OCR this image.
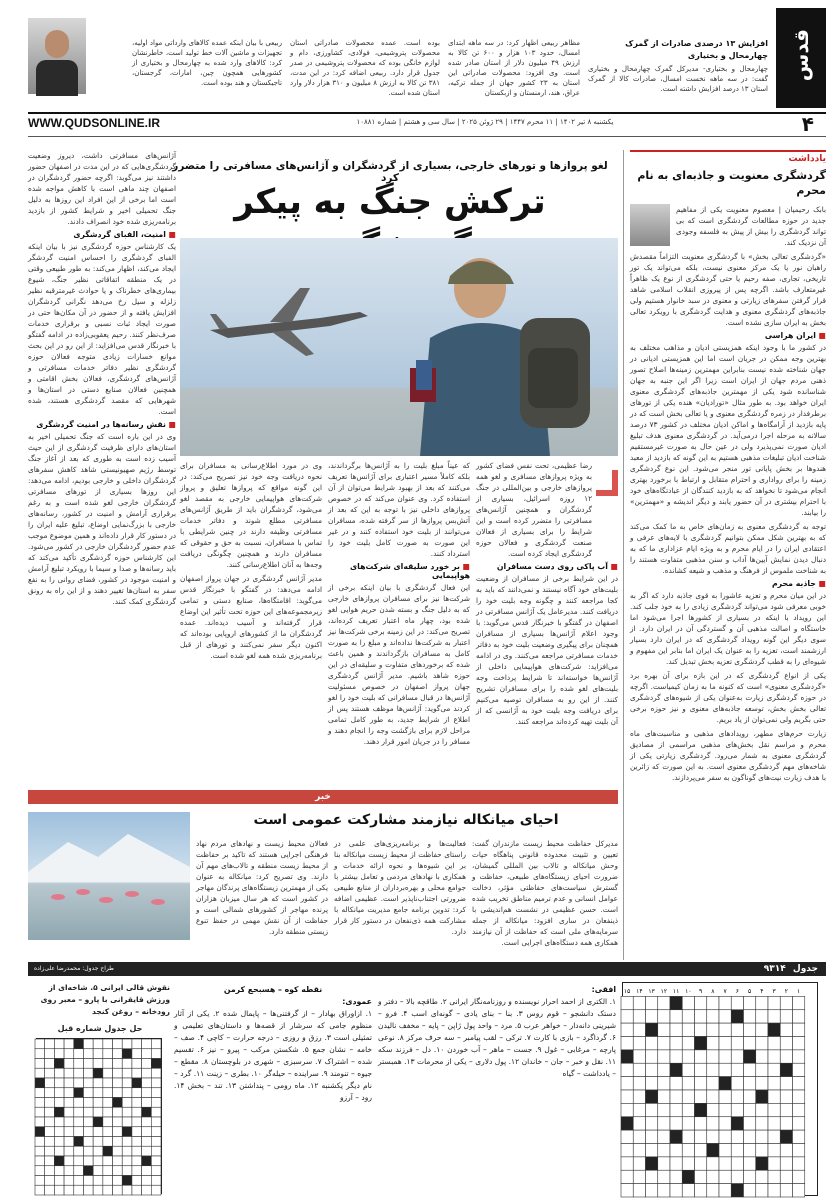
قدس
افزایش ۱۳ درصدی صادرات از گمرک چهارمحال و بختیاری
چهارمحال و بختیاری- مدیرکل گمرک چهارمحال و بختیاری گفت: در سه ماهه نخست امسال، صادرات کالا از گمرک استان ۱۳ درصد افزایش داشته است.
مظاهر ربیعی اظهار کرد: در سه ماهه ابتدای امسال، حدود ۱۰۳ هزار و ۶۰۰ تن کالا به ارزش ۴۹ میلیون دلار از استان صادر شده است. وی افزود: محصولات صادراتی این استان به ۲۳ کشور جهان از جمله ترکیه، عراق، هند، ارمنستان و ازبکستان
بوده است. عمده محصولات صادراتی استان محصولات پتروشیمی، فولادی، کشاورزی، دام و لوازم خانگی بوده که محصولات پتروشیمی در صدر جدول قرار دارد. ربیعی اضافه کرد: در این مدت، ۳۸۱ تن کالا به ارزش ۸ میلیون و ۳۱۰ هزار دلار وارد استان شده است.
ربیعی با بیان اینکه عمده کالاهای وارداتی مواد اولیه، تجهیزات و ماشین آلات خط تولید است، خاطرنشان کرد: کالاهای وارد شده به چهارمحال و بختیاری از کشورهایی همچون چین، امارات، گرجستان، تاجیکستان و هند بوده است.
۴
یکشنبه ۸ تیر ۱۴۰۲ | ۱۱ محرم ۱۴۴۷ | ۲۹ ژوئن ۲۰۲۵ | سال سی و هشتم | شماره ۱۰۸۸۱
WWW.QUDSONLINE.IR
یادداشت
گردشگری معنویت و جاذبه‌ای به نام محرم
بابک رحیمیان | معصوم معنویت یکی از مفاهیم جدید در حوزه مطالعات گردشگری است که بی تواند گردشگری را بیش از پیش به فلسفه وجودی آن نزدیک کند.
«گردشگری تعالی بخش» با گردشگری معنویت التزاماً مقصدش راهبان نور یا یک مرکز معنوی نیست، بلکه می‌تواند یک تور تاریخی، تجاری، صفه رحیم یا حتی گردشگری از نوع یک ظاهراً غیرمتعارف باشد. اگرچه پس از پیروزی انقلاب اسلامی شاهد قرار گرفتن سفرهای زیارتی و معنوی در سبد خانوار هستیم ولی جاذبه‌های گردشگری معنوی و هدایت گردشگری با رویکرد تعالی بخش به ایران سازی نشده است.
■ ایران هراسی
در کشور ما با وجود اینکه همزیستی ادیان و مذاهب مختلف به بهترین وجه ممکن در جریان است اما این همزیستی ادیانی در جهان شناخته شده نیست بنابراین مهمترین زمینه‌ها اصلاح تصور ذهنی مردم جهان از ایران است زیرا اگر این جنبه به جهان شناسانده شود یکی از مهمترین جاذبه‌های گردشگری معنوی ایران خواهد بود. به طور مثال «تورادیان» هنده یکی از تورهای برطرفدار در زمره گردشگری معنوی و یا تعالی بخش است که در پایه بازدید از آرامگاه‌ها و اماکن ادیان مختلف در کشور ۷۳ درصد سالانه به مرحله اجرا درمی‌آید. در گردشگری معنوی هدف تبلیغ ادیان صورت نمی‌پذیرد ولی در عین حال به صورت غیرمستقیم شناخت ادیان تبلیغات مذهبی هستیم به این گونه که بازدید از معبد هندوها بر بخش پایانی تور منجر می‌شود. این نوع گردشگری زمینه را برای رواداری و احترام متقابل و ارتباط با برخورد بهتری انجام می‌شود تا نخواهد که به بازدید کنندگان از عبادتگاه‌های خود با احترام بیشتری در آن حضور یابند و دیگر اندیشه و «مهمترین» را بیابند.
توجه به گردشگری معنوی به زمان‌های خاص به ما کمک می‌کند که به بهترین شکل ممکن بتوانیم گردشگری با لایه‌های عرفی و اعتقادی ایران را در ایام محرم و به ویژه ایام عزاداری ما که به دنبال دیدن نمایش آیین‌ها آداب و سنن مذهبی متفاوت هستند را به شناخت ملموس از فرهنگ و مذهب و شیعه کشانده.
■ جاذبه محرم
در این میان محرم و تعزیه عاشورا به قوی جاذبه دارد که اگر به خوبی معرفی شود می‌تواند گردشگری زیادی را به خود جلب کند. این رویداد با اینکه در بسیاری از کشورها اجرا می‌شود اما خاستگاه و اصالت مذهبی آن و گستردگی آن در ایران دارد. از سوی دیگر این گونه رویداد گردشگری که در ایران دارد بسیار ارزشمند است، تعزیه را به عنوان یک ایران اما بنابر این مفهوم و شیوه‌ای را به قطب گردشگری تعزیه بخش تبدیل کند.
یکی از انواع گردشگری که در این بازه برای آن بهره برد «گردشگری معنوی» است که کنونه ما به زمان کیمیاست. اگرچه در حوزه گردشگری زیارت به‌عنوان یکی از شیوه‌های گردشگری تعالی بخش بخش، توسعه جاذبه‌های معنوی و نیز حوزه برخی حتی بگریم ولی نمی‌توان از یاد بریم.
زیارت حرم‌های مطهر، رویدادهای مذهبی و مناسبت‌های ماه محرم و مراسم نقل بخش‌های مذهبی مراسمی از مصادیق گردشگری معنوی به شمار می‌رود. گردشگری زیارتی یکی از شاخه‌های مهم گردشگری معنوی است. به این صورت که زائرین با هدف زیارت نیت‌های گوناگون به سفر می‌پردازند.
لغو پرواز‌ها و تورهای خارجی، بسیاری از گردشگران و آژانس‌های مسافرتی را متضرر کرد
ترکش جنگ به پیکر
آژانس‌های مسافرتی داشت، دیروز وضعیت گردشگری‌هایی که در این مدت در اصفهان حضور داشتند نیز می‌گوید: اگرچه حضور گردشگران در اصفهان چند ماهی است با کاهش مواجه شده است اما برخی از این افراد این روزها به دلیل جنگ تحمیلی اخیر و شرایط کشور از بازدید برنامه‌ریزی شده خود انصراف دادند.
■ امنیت، الفبای گردشگری
یک کارشناس حوزه گردشگری نیز با بیان اینکه الفبای گردشگری را احساس امنیت گردشگر ایجاد می‌کند، اظهار می‌کند: به طور طبیعی وقتی در یک منطقه اتفاقاتی نظیر جنگ، شیوع بیماری‌های خطرناک و یا حوادث غیرمترقبه نظیر زلزله و سیل رخ می‌دهد نگرانی گردشگران افزایش یافته و از حضور در آن مکان‌ها حتی در صورت ایجاد ثبات نسبی و برقراری خدمات صرف‌نظر کنند. رحیم یعقوبی‌زاده در ادامه گفتگو با خبرنگار قدس می‌افزاید: از این رو در این بحث موانع خسارات زیادی متوجه فعالان حوزه گردشگری نظیر دفاتر خدمات مسافرتی و آژانس‌های گردشگری، فعالان بخش اقامتی و همچنین فعالان صنایع دستی در استان‌ها و شهرهایی که مقصد گردشگری هستند، شده است.
■ نقش رسانه‌ها در امنیت گردشگری
وی در این باره است که جنگ تحمیلی اخیر به استان‌های دارای ظرفیت گردشگری از این حیث آسیب زده است به طوری که بعد از آغاز جنگ توسط رژیم صهیونیستی شاهد کاهش سفرهای گردشگران داخلی و خارجی بودیم، ادامه می‌دهد: این روزها بسیاری از تورهای مسافرتی گردشگران خارجی لغو شده است و به رغم برقراری آرامش و امنیت در کشور، رسانه‌های خارجی با بزرگ‌نمایی اوضاع، تبلیغ علیه ایران را در دستور کار قرار داده‌اند و همین موضوع موجب عدم حضور گردشگران خارجی در کشور می‌شود. این کارشناس حوزه گردشگری تأکید می‌کند که باید رسانه‌ها و صدا و سیما با رویکرد تبلیغ آرامش و امنیت موجود در کشور، فضای روانی را به نفع سفر به استان‌ها تغییر دهند و از این راه به رونق گردشگری کمک کنند.
وی در مورد اطلاع‌رسانی به مسافران برای نحوه دریافت وجه خود نیز تصریح می‌کند: در این گونه مواقع که پروازها تعلیق و پرواز شرکت‌های هواپیمایی خارجی به مقصد لغو می‌شود، گردشگران باید از طریق آژانس‌های مسافرتی مطلع شوند و دفاتر خدمات مسافرتی وظیفه دارند در چنین شرایطی با تماس با مسافران، نسبت به حق و حقوقی که مسافران دارند و همچنین چگونگی دریافت وجه‌ها به آنان اطلاع‌رسانی کنند.
مدیر آژانس گردشگری در جهان پرواز اصفهان ادامه می‌دهد: در گفتگو با خبرنگار قدس می‌گوید: اقامتگاه‌ها، صنایع دستی و تمامی زیرمجموعه‌های این حوزه تحت تأثیر این اوضاع قرار گرفته‌اند و آسیب دیده‌اند. عمده گردشگران ما از کشورهای اروپایی بوده‌اند که اکنون دیگر سفر نمی‌کنند و تورهای از قبل برنامه‌ریزی شده همه لغو شده است.
که عیناً مبلغ بلیت را به آژانس‌ها برگرداندند، بلکه کاملاً مسیر اعتباری برای آژانس‌ها تعریف می‌کنند که بعد از بهبود شرایط می‌توان از آن استفاده کرد. وی عنوان می‌کند که در خصوص پروازهای داخلی نیز با توجه به این که بعد از آتش‌بس پروازها از سر گرفته شده، مسافران می‌توانند از بلیت خود استفاده کنند و در غیر این صورت به صورت کامل بلیت خود را استرداد کنند.
■ بر خورد سلیقه‌ای شرکت‌های هواپیمایی
این فعال گردشگری با بیان اینکه برخی از شرکت‌ها نیز برای مسافران پروازهای خارجی که به دلیل جنگ و بسته شدن حریم هوایی لغو شده بود، چهار ماه اعتبار تعریف کرده‌اند، تصریح می‌کند: در این زمینه برخی شرکت‌ها نیز اعتبار به شرکت‌ها نداده‌اند و مبلغ را به صورت کامل به مسافران بازگرداندند و همین باعث شده که برخوردهای متفاوت و سلیقه‌ای در این حوزه شاهد باشیم. مدیر آژانس گردشگری جهان پرواز اصفهان در خصوص مسئولیت آژانس‌ها در قبال مسافرانی که بلیت خود را لغو کردند می‌گوید: آژانس‌ها موظف هستند پس از اطلاع از شرایط جدید، به طور کامل تمامی مراحل لازم برای بازگشت وجه را انجام دهند و مسافر را در جریان امور قرار دهند.
رضا عظیمی، تحت نفس فضای کشور به ویژه پروازهای مسافری و لغو همه پروازهای خارجی و بین‌المللی در جنگ ۱۲ روزه اسرائیل، بسیاری از گردشگران و همچنین آژانس‌های مسافرتی را متضرر کرده است و این شرایط را برای بسیاری از فعالان صنعت گردشگری و فعالان حوزه گردشگری ایجاد کرده است.
■ آب پاکی روی دست مسافران
در این شرایط برخی از مسافران از وضعیت بلیت‌های خود آگاه نیستند و نمی‌دانند که باید به کجا مراجعه کنند و چگونه وجه بلیت خود را دریافت کنند. مدیرعامل یک آژانس مسافرتی در اصفهان در گفتگو با خبرنگار قدس می‌گوید: با وجود اعلام آژانس‌ها بسیاری از مسافران همچنان برای پیگیری وضعیت بلیت خود به دفاتر خدمات مسافرتی مراجعه می‌کنند. وی در ادامه می‌افزاید: شرکت‌های هواپیمایی داخلی از آژانس‌ها خواسته‌اند تا شرایط پرداخت وجه بلیت‌های لغو شده را برای مسافران تشریح کنند. از این رو به مسافران توصیه می‌کنیم برای دریافت وجه بلیت خود به آژانسی که از آن بلیت تهیه کرده‌اند مراجعه کنند.
خبر
احیای میانکاله نیازمند مشارکت عمومی است
مدیرکل حفاظت محیط زیست مازندران گفت: تعیین و تثبیت محدوده قانونی پناهگاه حیات وحش میانکاله و تالاب بین المللی گمیشان، ضرورت احیای زیستگاه‌های طبیعی، حفاظت و گسترش سیاست‌های حفاظتی مؤثر، دخالت عوامل انسانی و عدم ترمیم مناطق تخریب شده است. حسن عظیمی در نشست هم‌اندیشی با ذینفعان در ساری افزود: میانکاله از جمله سرمایه‌های ملی است که حفاظت از آن نیازمند همکاری همه دستگاه‌های اجرایی است.
فعالیت‌ها و برنامه‌ریزی‌های علمی در راستای حفاظت از محیط زیست میانکاله بنا بر این شیوه‌ها و نحوه ارائه خدمات و همکاری با نهادهای مردمی و تعامل بیشتر با جوامع محلی و بهره‌برداران از منابع طبیعی ضرورتی اجتناب‌ناپذیر است. عظیمی اضافه کرد: تدوین برنامه جامع مدیریت میانکاله با مشارکت همه ذی‌نفعان در دستور کار قرار دارد.
فعالان محیط زیست و نهادهای مردم نهاد فرهنگی اجرایی هستند که تاکید بر حفاظت از محیط زیست منطقه و تالاب‌های مهم آن دارند. وی تصریح کرد: میانکاله به عنوان یکی از مهمترین زیستگاه‌های پرندگان مهاجر در کشور است که هر سال میزبان هزاران پرنده مهاجر از کشورهای شمالی است و حفاظت از آن نقش مهمی در حفظ تنوع زیستی منطقه دارد.
جدول ۹۳۱۴
طراح جدول: محمدرضا علی‌زاده
۱
۲
۳
۴
۵
۶
۷
۸
۹
۱۰
۱۱
۱۲
۱۳
۱۴
۱۵
افقی:
۱. الکتری از احمد احرار نویسنده و روزنامه‌نگار ایرانی ۲. طاقچه بالا – دفتر و دستک دانشجو – قوم روس ۳. بنا – بنای یادی – گونه‌ای اسب ۴. فرو – شیرینی دانه‌دار – خواهر عرب ۵. مرد – واحد پول ژاپن – پایه – مخفف نالیدن ۶. گرداگرد – بازی با کارت ۷. ترکی – لقب پیامبر – سه حرف مرکز ۸. نوعی پارچه – مرغابی – غول ۹. جست – ماهر – آب خوردن ۱۰. دل – فرزند سکه ۱۱. نقل و خبر – جان – خاندان ۱۲. پول دلاری – یکی از محرمات ۱۳. همبستر – یادداشت – گیاه
نقطه کوه – هسبحع کرمن
عمودی:
۱. ازاوراق بهادار – از گرفتنی‌ها – پایمال شده ۲. یکی از آثار منظوم جامی که سرشار از قصه‌ها و داستان‌های تعلیمی و تمثیلی است ۳. رزق و روزی – درجه حرارت – کاچی ۴. صف – خامه – نشان جمع ۵. شکستن مرکب – پیرو – نیز ۶. تقسیم شده – اشتراک ۷. سرسبزی – شهری در بلوچستان ۸. مقطع – جیوه – تنومند ۹. سراینده – حیله‌گر ۱۰. بطری – زینت ۱۱. گرد – نام دیگر یکشنبه ۱۲. ماه رومی – پنداشتن ۱۳. تند – بخش ۱۴. رود – آرزو
نقوش قالی ایرانی ۵. شاخه‌ای از ورزش قایقرانی با پارو – معبر روی رودخانه – روغن کنجد
حل جدول شماره قبل
